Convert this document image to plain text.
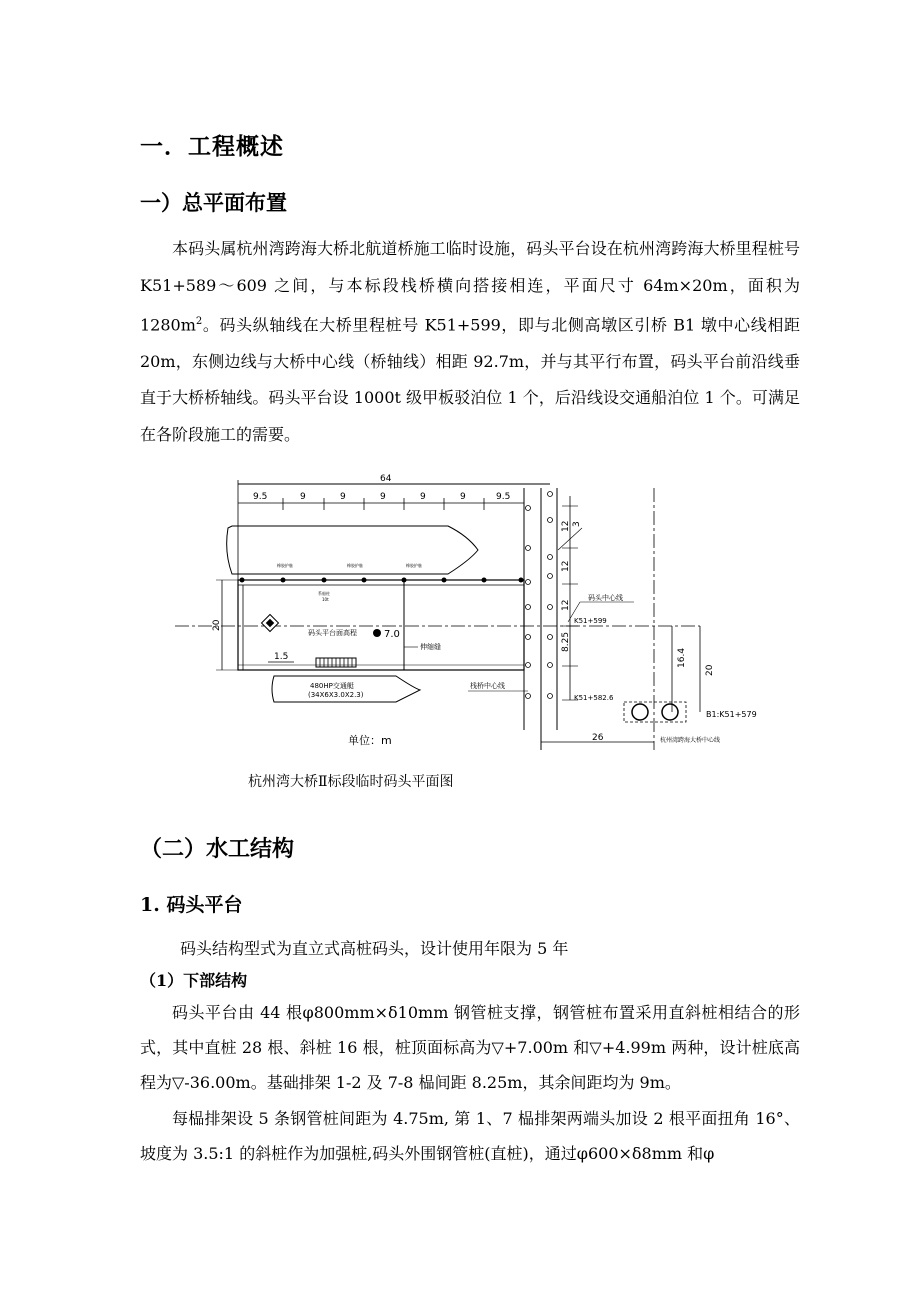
一．工程概述
一）总平面布置

本码头属杭州湾跨海大桥北航道桥施工临时设施，码头平台设在杭州湾跨海大桥里程桩号 K51+589～609 之间，与本标段栈桥横向搭接相连，平面尺寸 64m×20m，面积为 $1280m^2$。码头纵轴线在大桥里程桩号 K51+599，即与北侧高墩区引桥 B1 墩中心线相距 20m，东侧边线与大桥中心线（桥轴线）相距 92.7m，并与其平行布置，码头平台前沿线垂直于大桥桥轴线。码头平台设 1000t 级甲板驳泊位 1 个，后沿线设交通船泊位 1 个。可满足在各阶段施工的需要。

64
9.5	9	9	9	9	9	9.5
橡胶护舷	橡胶护舷	橡胶护舷
系船柱
10t
20
码头平台面高程	7.0
伸缩缝
1.5
480HP交通艇
(34X6X3.0X2.3)
12
12
12
8.25
3
码头中心线
K51+599
栈桥中心线
K51+582.6
B1:K51+579
16.4
20
26	杭州湾跨海大桥中心线
单位：m
杭州湾大桥Ⅱ标段临时码头平面图
（二）水工结构
1. 码头平台
码头结构型式为直立式高桩码头，设计使用年限为 5 年
（1）下部结构

码头平台由 44 根φ800mm×δ10mm 钢管桩支撑，钢管桩布置采用直斜桩相结合的形式，其中直桩 28 根、斜桩 16 根，桩顶面标高为▽+7.00m 和▽+4.99m 两种，设计桩底高程为▽-36.00m。基础排架 1-2 及 7-8 榀间距 8.25m，其余间距均为 9m。

每榀排架设 5 条钢管桩间距为 4.75m, 第 1、7 榀排架两端头加设 2 根平面扭角 16°、坡度为 3.5:1 的斜桩作为加强桩,码头外围钢管桩(直桩)，通过φ600×δ8mm 和φ
